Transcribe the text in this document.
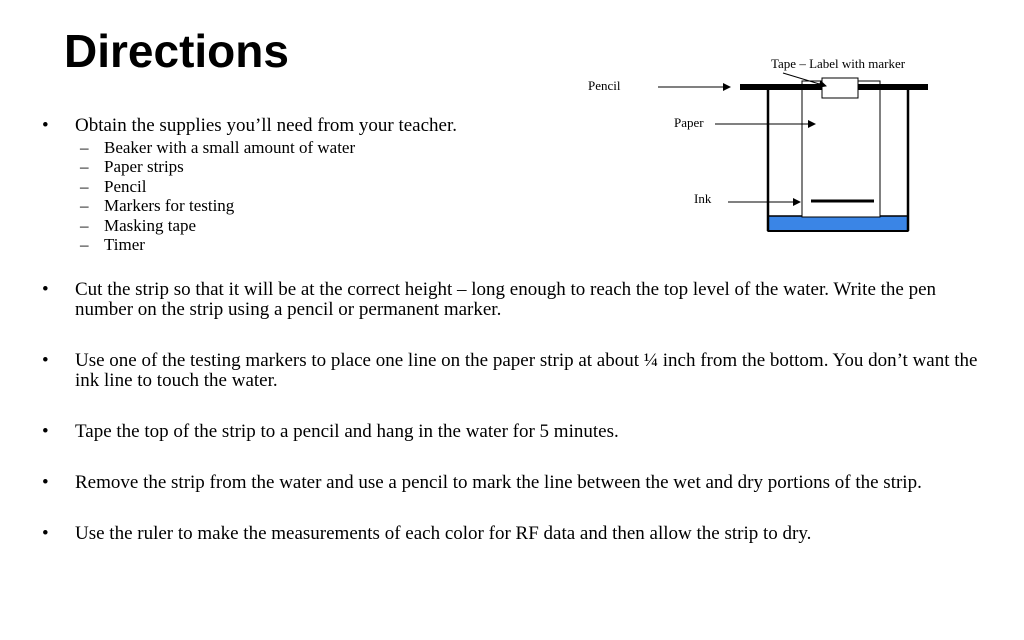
Directions
• Obtain the supplies you’ll need from your teacher.
– Beaker with a small amount of water
– Paper strips
– Pencil
– Markers for testing
– Masking tape
– Timer
• Cut the strip so that it will be at the correct height – long enough to reach the top level of the water. Write the pen number on the strip using a pencil or permanent marker.
• Use one of the testing markers to place one line on the paper strip at about ¼ inch from the bottom. You don’t want the ink line to touch the water.
• Tape the top of the strip to a pencil and hang in the water for 5 minutes.
• Remove the strip from the water and use a pencil to mark the line between the wet and dry portions of the strip.
• Use the ruler to make the measurements of each color for RF data and then allow the strip to dry.
Tape – Label with marker
Pencil
Paper
Ink
